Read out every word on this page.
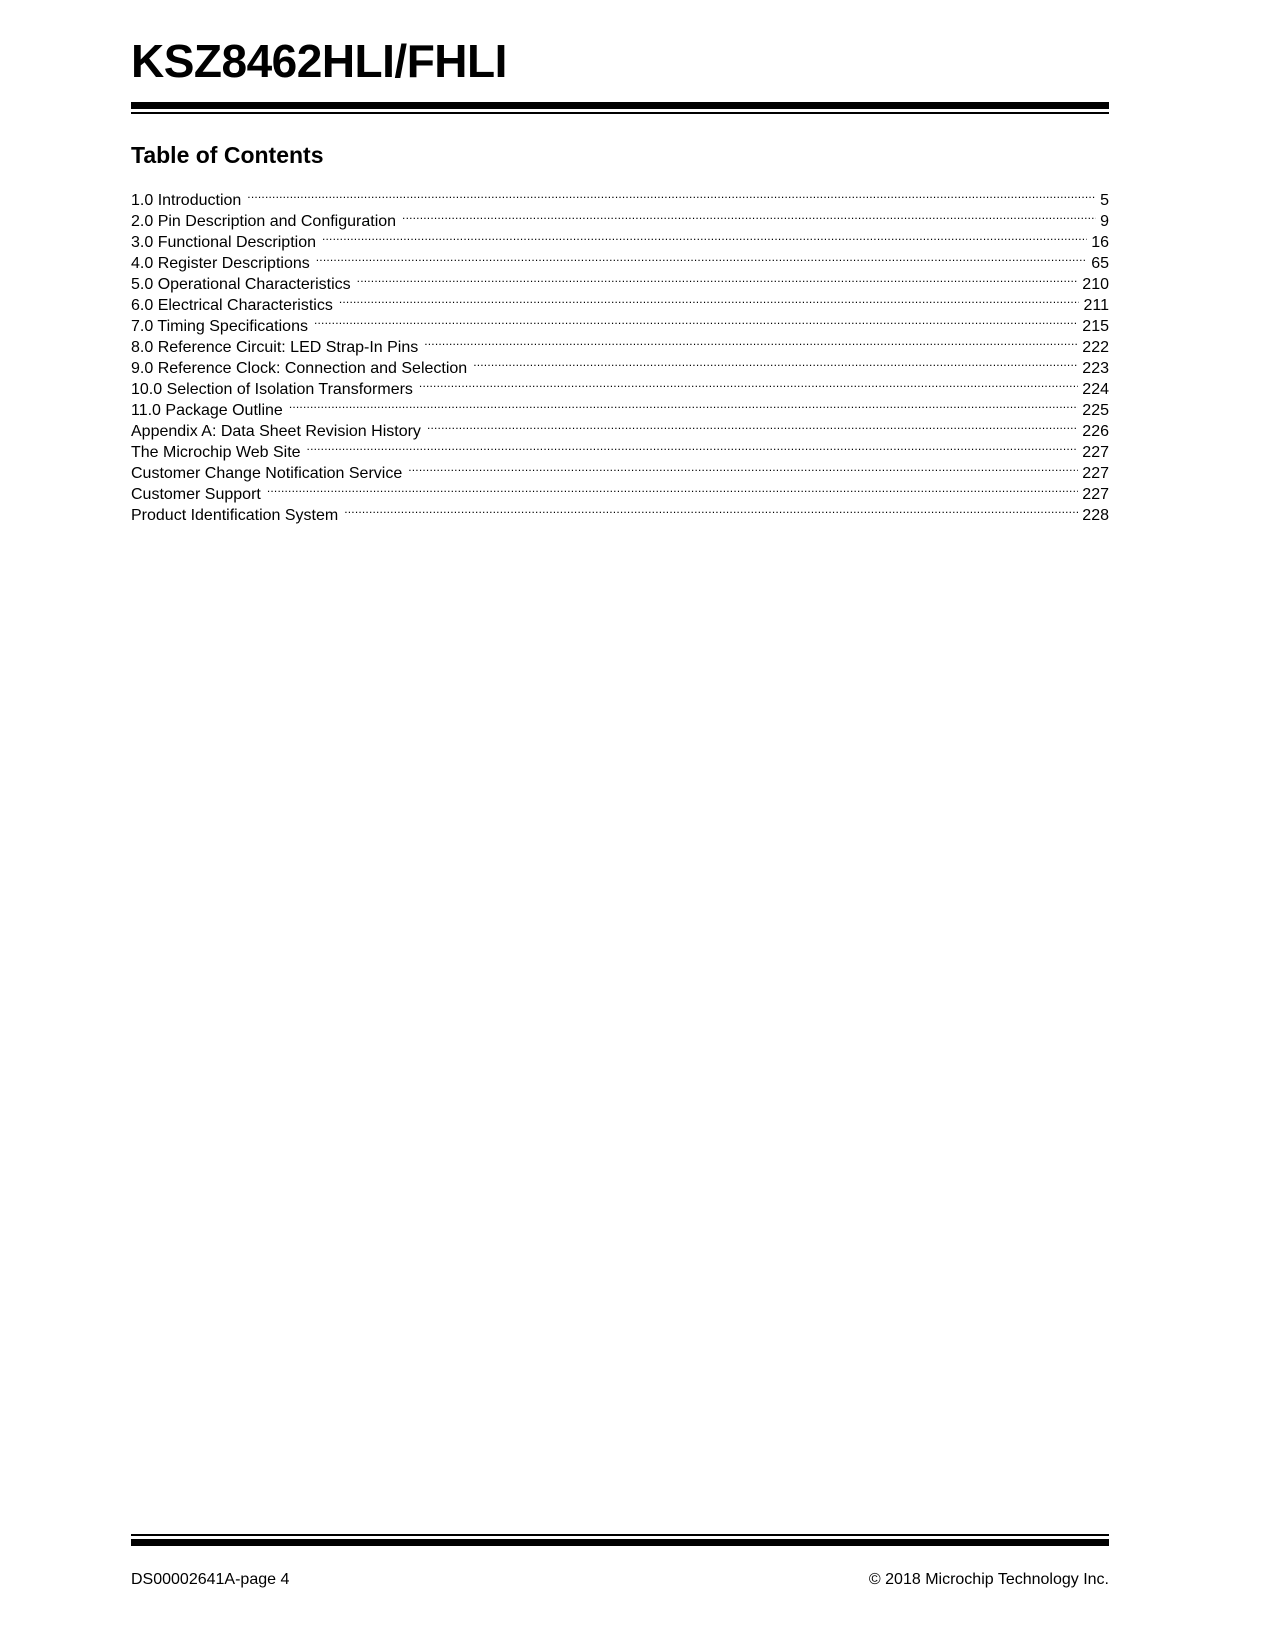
KSZ8462HLI/FHLI
Table of Contents
1.0 Introduction .....	5
2.0 Pin Description and Configuration .....	9
3.0 Functional Description .....	16
4.0 Register Descriptions .....	65
5.0 Operational Characteristics .....	210
6.0 Electrical Characteristics .....	211
7.0 Timing Specifications .....	215
8.0 Reference Circuit: LED Strap-In Pins .....	222
9.0 Reference Clock: Connection and Selection .....	223
10.0 Selection of Isolation Transformers .....	224
11.0 Package Outline .....	225
Appendix A: Data Sheet Revision History .....	226
The Microchip Web Site .....	227
Customer Change Notification Service .....	227
Customer Support .....	227
Product Identification System .....	228
DS00002641A-page 4	© 2018 Microchip Technology Inc.
